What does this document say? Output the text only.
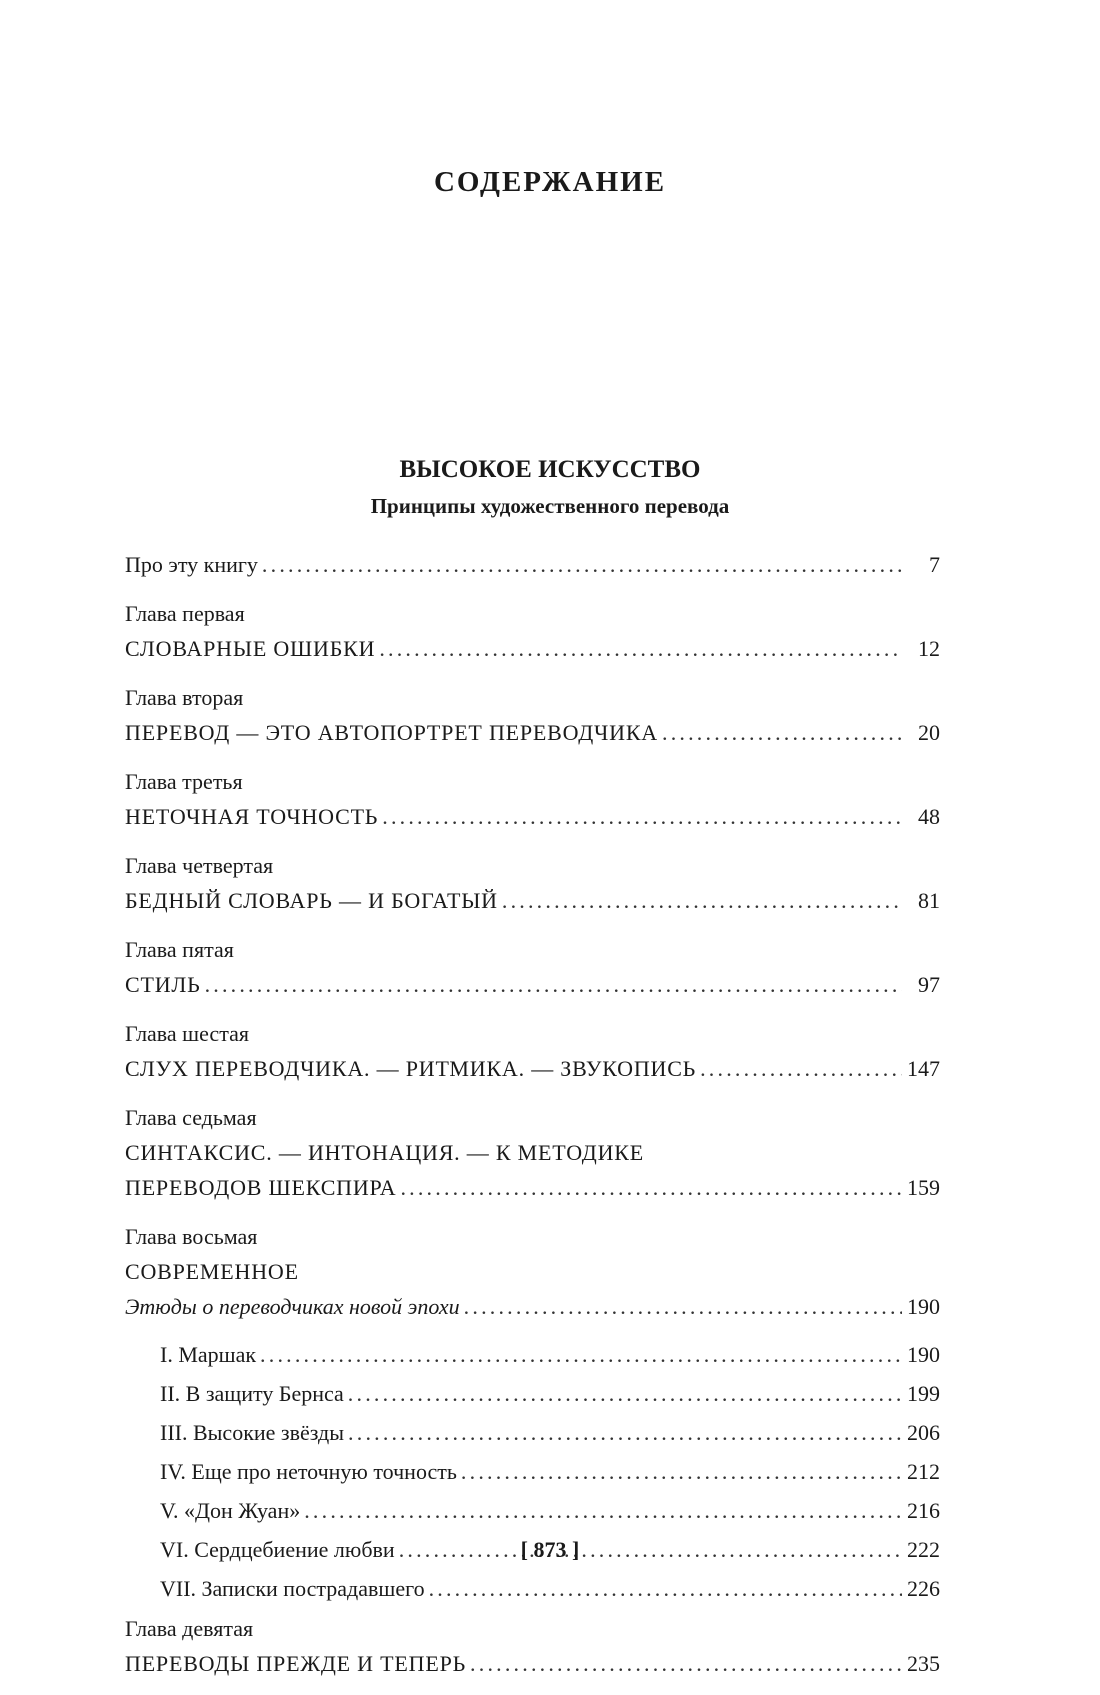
СОДЕРЖАНИЕ
ВЫСОКОЕ ИСКУССТВО
Принципы художественного перевода
Про эту книгу .....	7
Глава первая
СЛОВАРНЫЕ ОШИБКИ .....	12
Глава вторая
ПЕРЕВОД — ЭТО АВТОПОРТРЕТ ПЕРЕВОДЧИКА .....	20
Глава третья
НЕТОЧНАЯ ТОЧНОСТЬ .....	48
Глава четвертая
БЕДНЫЙ СЛОВАРЬ — И БОГАТЫЙ .....	81
Глава пятая
СТИЛЬ .....	97
Глава шестая
СЛУХ ПЕРЕВОДЧИКА. — РИТМИКА. — ЗВУКОПИСЬ .....	147
Глава седьмая
СИНТАКСИС. — ИНТОНАЦИЯ. — К МЕТОДИКЕ
ПЕРЕВОДОВ ШЕКСПИРА .....	159
Глава восьмая
СОВРЕМЕННОЕ
Этюды о переводчиках новой эпохи .....	190
I. Маршак .....	190
II. В защиту Бернса .....	199
III. Высокие звёзды .....	206
IV. Еще про неточную точность .....	212
V. «Дон Жуан» .....	216
VI. Сердцебиение любви .....	222
VII. Записки пострадавшего .....	226
Глава девятая
ПЕРЕВОДЫ ПРЕЖДЕ И ТЕПЕРЬ .....	235
[ 873 ]
